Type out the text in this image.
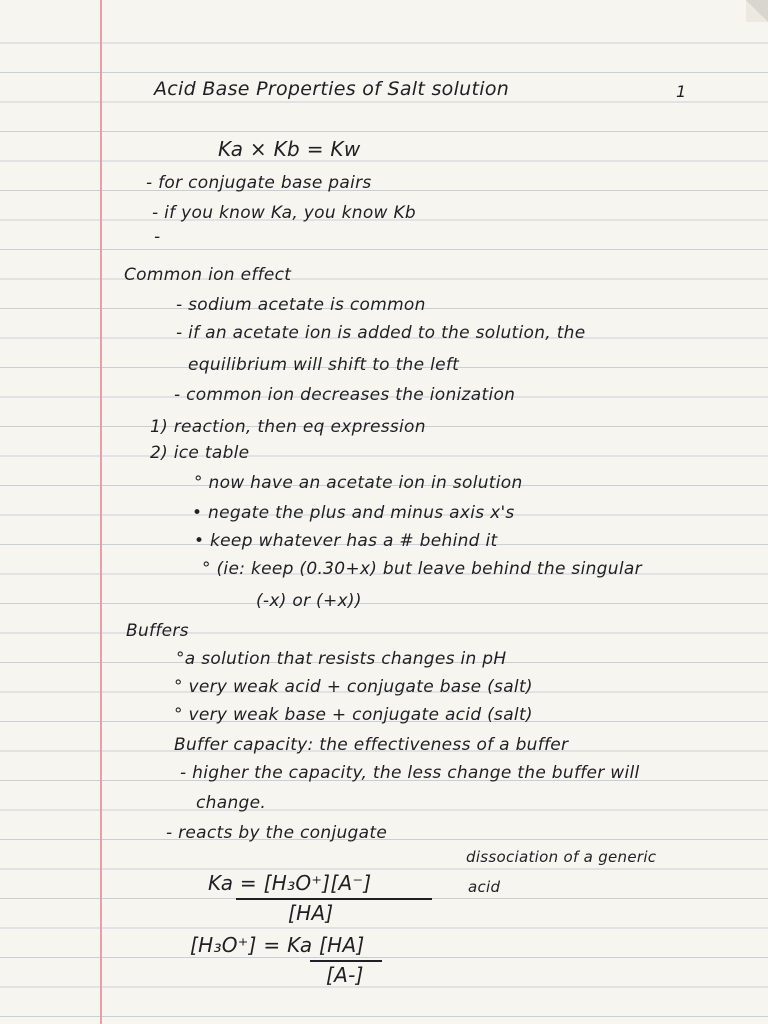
Acid Base Properties of Salt solution	1
Ka × Kb = Kw
- for conjugate base pairs
- if you know Ka, you know Kb
-
Common ion effect
- sodium acetate is common
- if an acetate ion is added to the solution, the
equilibrium will shift to the left
- common ion decreases the ionization
1) reaction, then eq expression
2) ice table
° now have an acetate ion in solution
• negate the plus and minus axis x's
• keep whatever has a # behind it
° (ie: keep (0.30+x) but leave behind the singular
(-x) or (+x))
Buffers
°a solution that resists changes in pH
° very weak acid + conjugate base (salt)
° very weak base + conjugate acid (salt)
Buffer capacity: the effectiveness of a buffer
- higher the capacity, the less change the buffer will
change.
- reacts by the conjugate
dissociation of a generic
acid
Ka = [H₃O⁺][A⁻]
[HA]
[H₃O⁺] = Ka [HA]
[A-]
